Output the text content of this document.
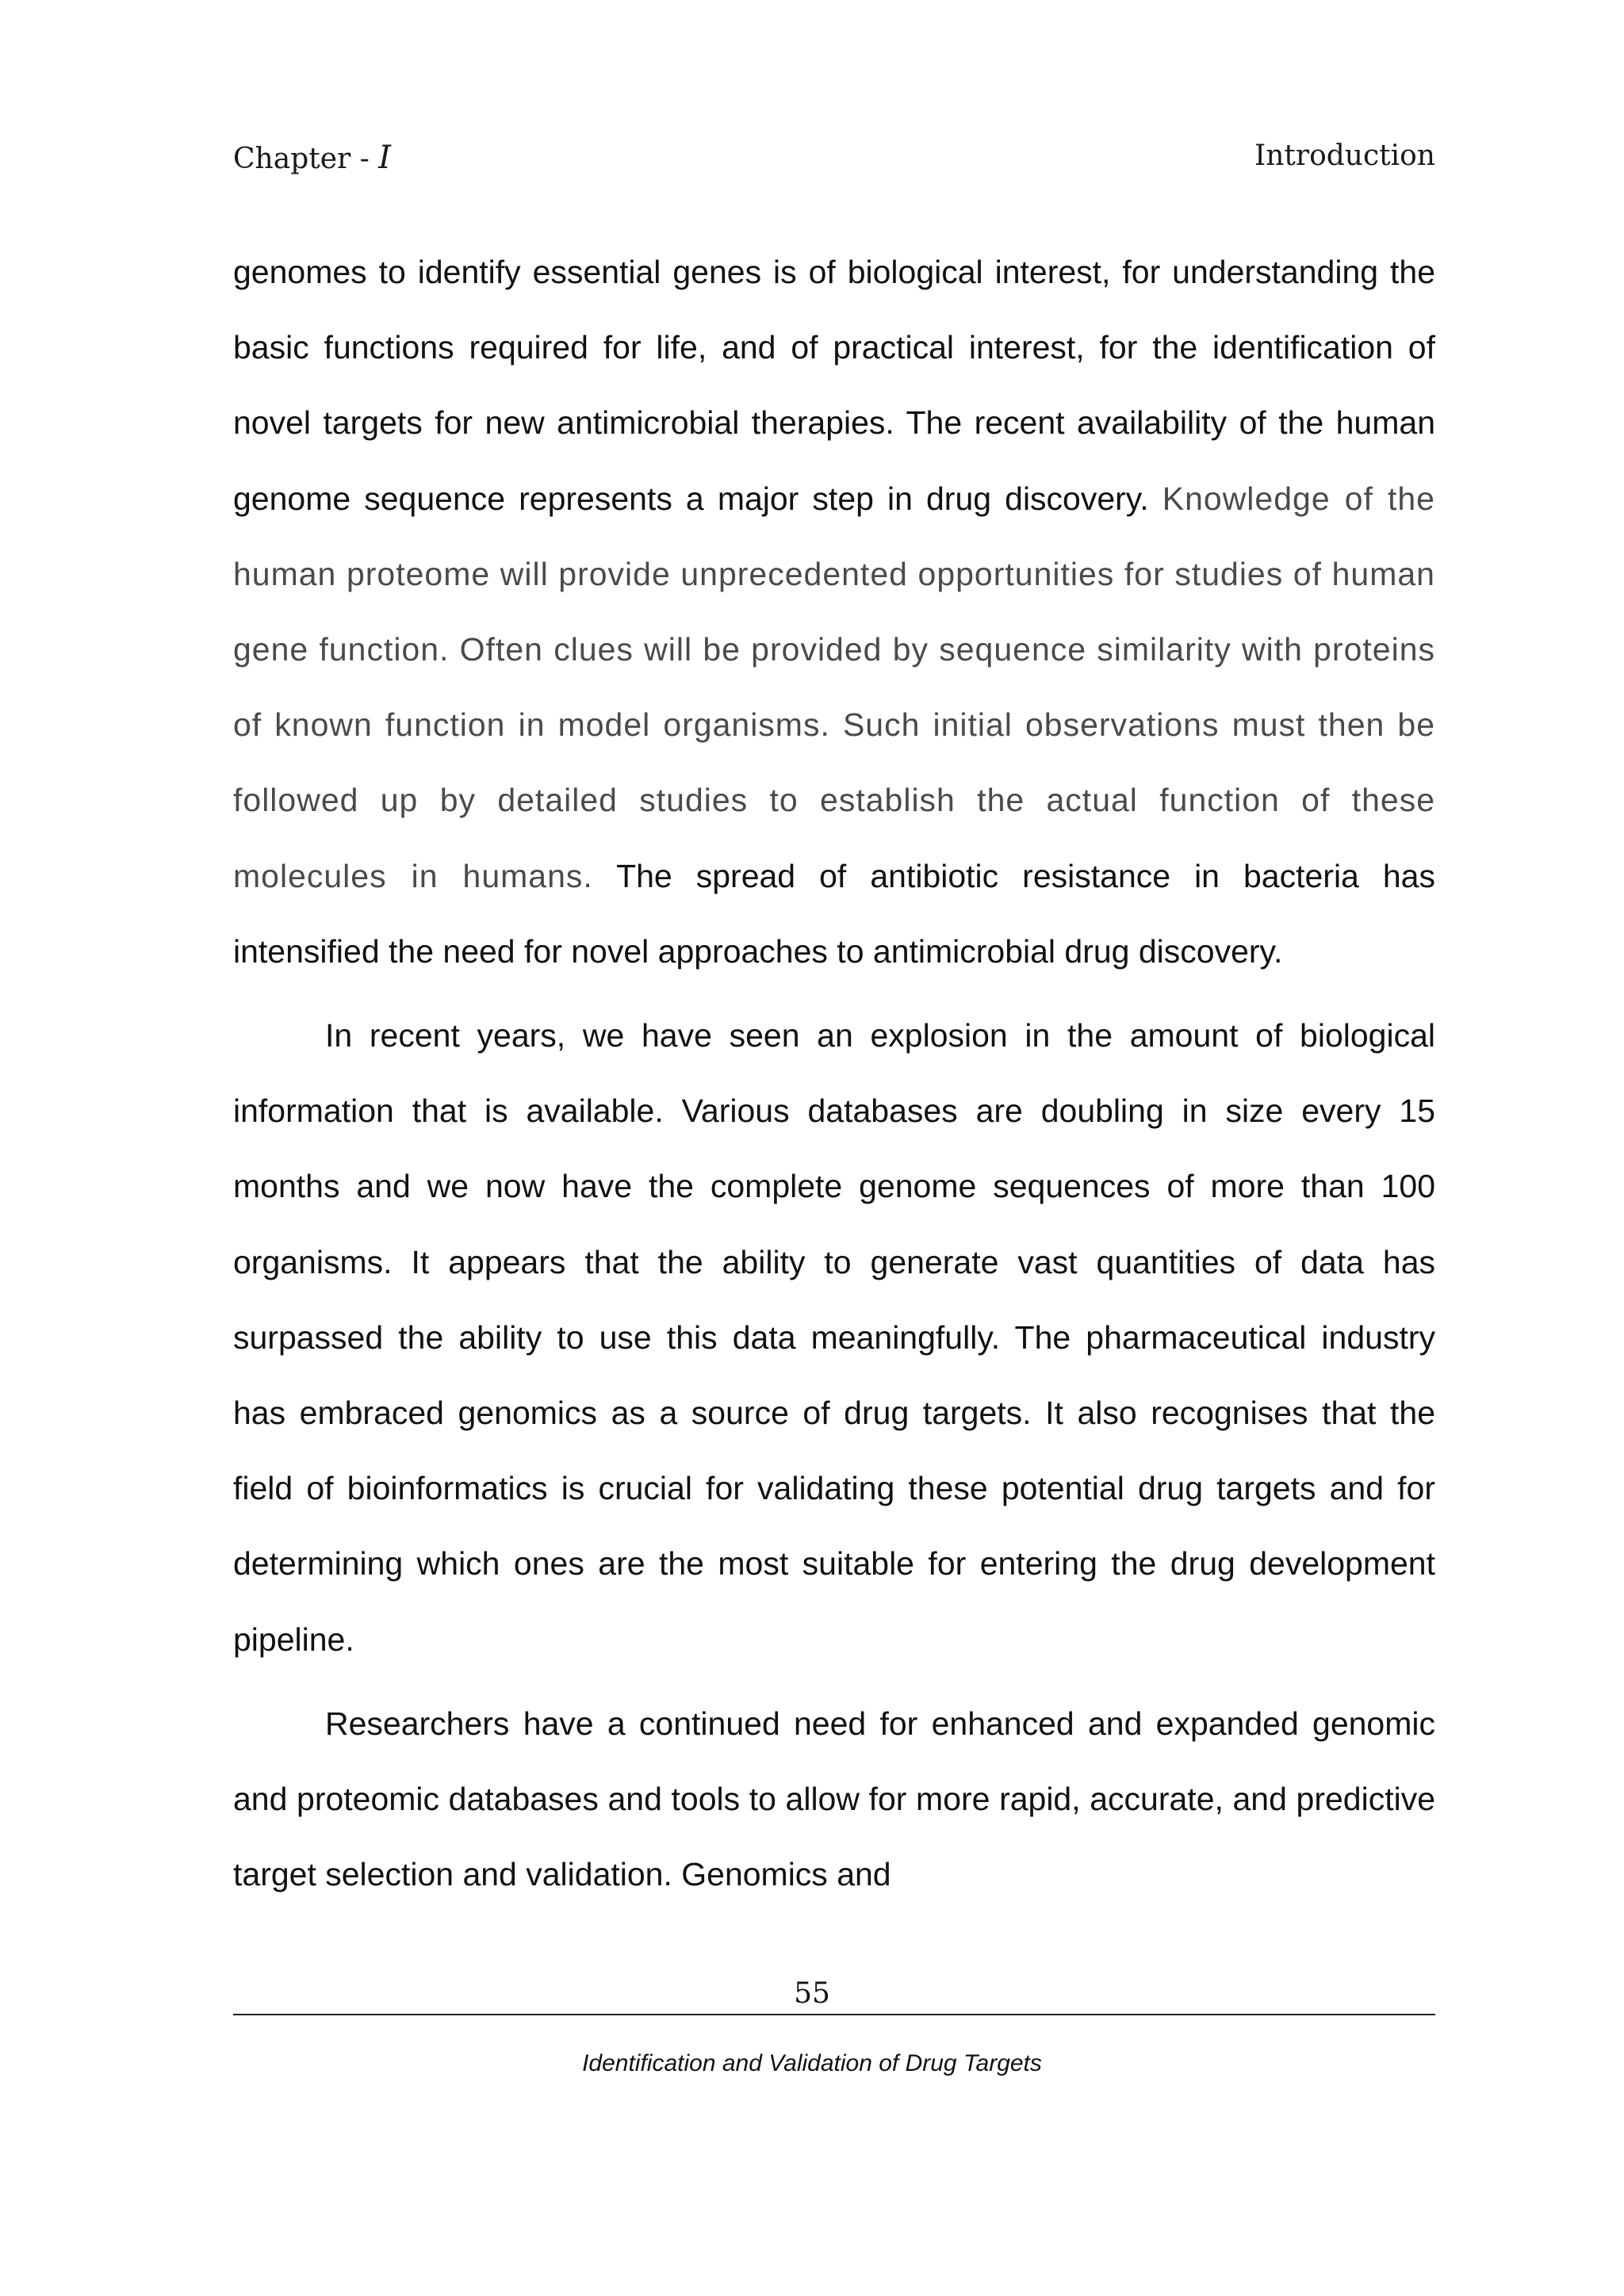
Chapter - I	Introduction

genomes to identify essential genes is of biological interest, for understanding the basic functions required for life, and of practical interest, for the identification of novel targets for new antimicrobial therapies. The recent availability of the human genome sequence represents a major step in drug discovery. Knowledge of the human proteome will provide unprecedented opportunities for studies of human gene function. Often clues will be provided by sequence similarity with proteins of known function in model organisms. Such initial observations must then be followed up by detailed studies to establish the actual function of these molecules in humans. The spread of antibiotic resistance in bacteria has intensified the need for novel approaches to antimicrobial drug discovery.

In recent years, we have seen an explosion in the amount of biological information that is available. Various databases are doubling in size every 15 months and we now have the complete genome sequences of more than 100 organisms. It appears that the ability to generate vast quantities of data has surpassed the ability to use this data meaningfully. The pharmaceutical industry has embraced genomics as a source of drug targets. It also recognises that the field of bioinformatics is crucial for validating these potential drug targets and for determining which ones are the most suitable for entering the drug development pipeline.

Researchers have a continued need for enhanced and expanded genomic and proteomic databases and tools to allow for more rapid, accurate, and predictive target selection and validation. Genomics and

55
Identification and Validation of Drug Targets
